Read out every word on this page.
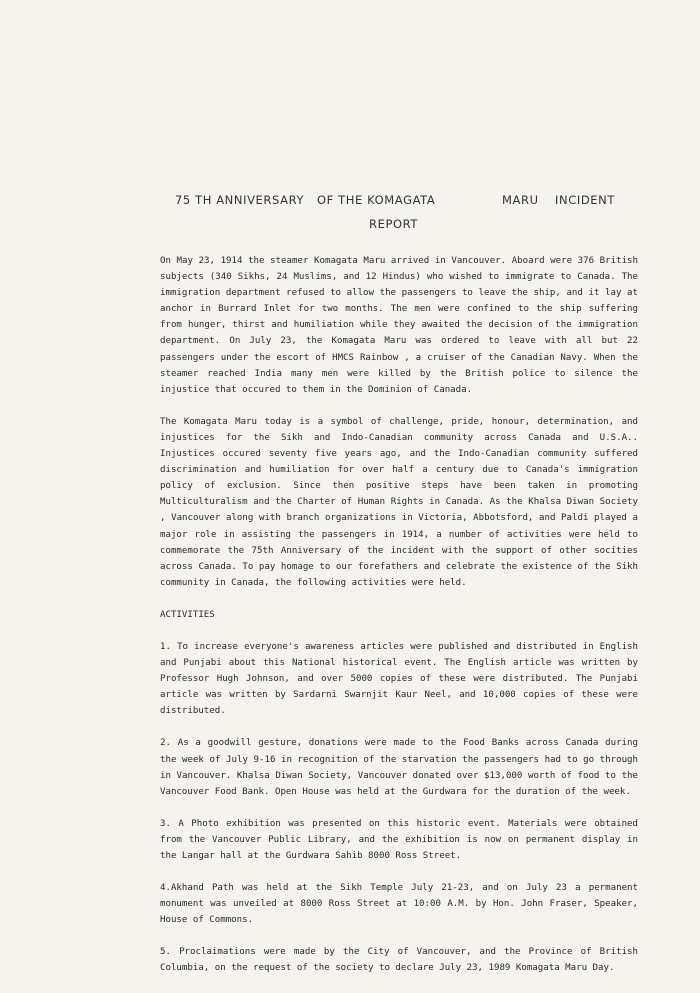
75 TH ANNIVERSARY OF THE KOMAGATA	MARU INCIDENT
REPORT

On May 23, 1914 the steamer Komagata Maru arrived in Vancouver. Aboard were 376 British subjects (340 Sikhs, 24 Muslims, and 12 Hindus) who wished to immigrate to Canada. The immigration department refused to allow the passengers to leave the ship, and it lay at anchor in Burrard Inlet for two months. The men were confined to the ship suffering from hunger, thirst and humiliation while they awaited the decision of the immigration department. On July 23, the Komagata Maru was ordered to leave with all but 22 passengers under the escort of HMCS Rainbow , a cruiser of the Canadian Navy. When the steamer reached India many men were killed by the British police to silence the injustice that occured to them in the Dominion of Canada.

The Komagata Maru today is a symbol of challenge, pride, honour, determination, and injustices for the Sikh and Indo-Canadian community across Canada and U.S.A.. Injustices occured seventy five years ago, and the Indo-Canadian community suffered discrimination and humiliation for over half a century due to Canada's immigration policy of exclusion. Since then positive steps have been taken in promoting Multiculturalism and the Charter of Human Rights in Canada. As the Khalsa Diwan Society , Vancouver along with branch organizations in Victoria, Abbotsford, and Paldi played a major role in assisting the passengers in 1914, a number of activities were held to commemorate the 75th Anniversary of the incident with the support of other socities across Canada. To pay homage to our forefathers and celebrate the existence of the Sikh community in Canada, the following activities were held.

ACTIVITIES

1. To increase everyone's awareness articles were published and distributed in English and Punjabi about this National historical event. The English article was written by Professor Hugh Johnson, and over 5000 copies of these were distributed. The Punjabi article was written by Sardarni Swarnjit Kaur Neel, and 10,000 copies of these were distributed.

2. As a goodwill gesture, donations were made to the Food Banks across Canada during the week of July 9-16 in recognition of the starvation the passengers had to go through in Vancouver. Khalsa Diwan Society, Vancouver donated over $13,000 worth of food to the Vancouver Food Bank. Open House was held at the Gurdwara for the duration of the week.

3. A Photo exhibition was presented on this historic event. Materials were obtained from the Vancouver Public Library, and the exhibition is now on permanent display in the Langar hall at the Gurdwara Sahib 8000 Ross Street.

4.Akhand Path was held at the Sikh Temple July 21-23, and on July 23 a permanent monument was unveiled at 8000 Ross Street at 10:00 A.M. by Hon. John Fraser, Speaker, House of Commons.

5. Proclaimations were made by the City of Vancouver, and the Province of British Columbia, on the request of the society to declare July 23, 1989 Komagata Maru Day.
